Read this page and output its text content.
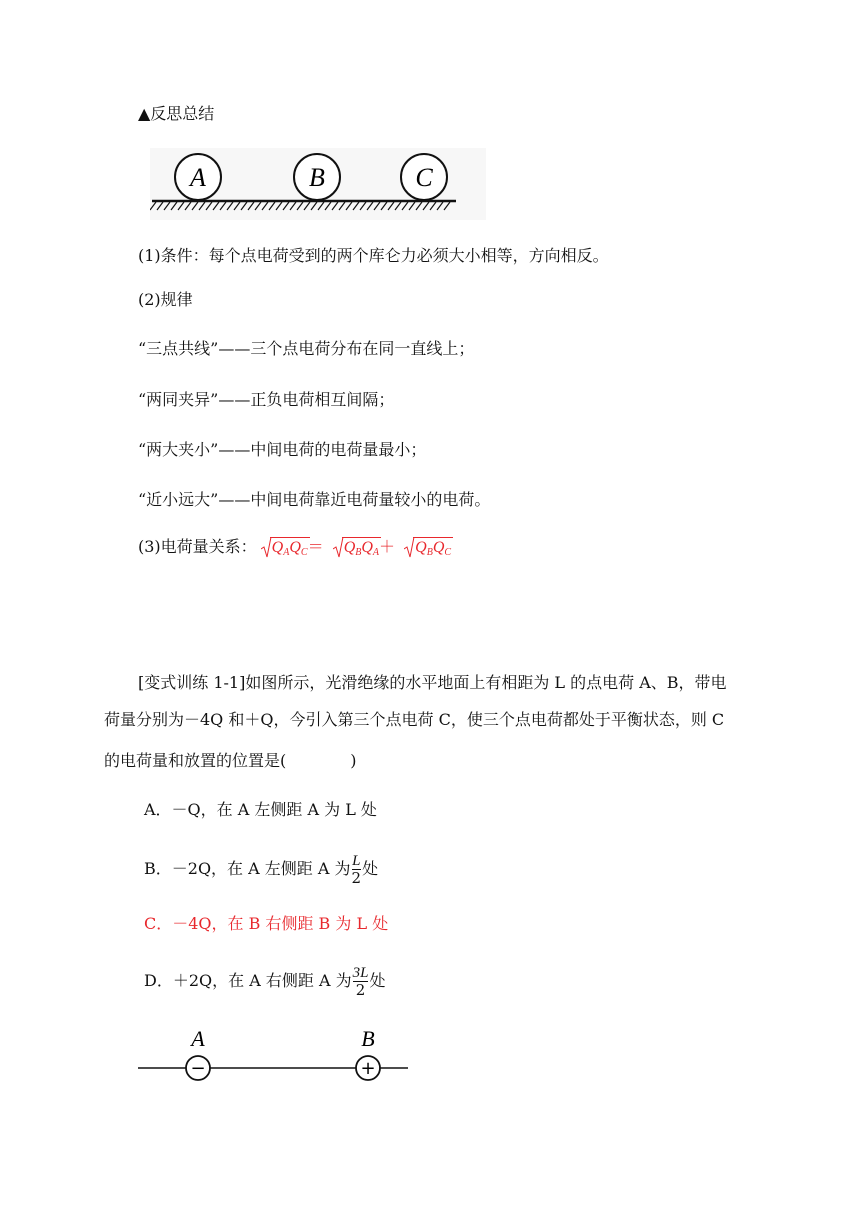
▲反思总结
A	B	C
(1)条件：每个点电荷受到的两个库仑力必须大小相等，方向相反。
(2)规律
“三点共线”——三个点电荷分布在同一直线上；
“两同夹异”——正负电荷相互间隔；
“两大夹小”——中间电荷的电荷量最小；
“近小远大”——中间电荷靠近电荷量较小的电荷。
(3)电荷量关系： $Q_AQ_C= Q_BQ_A+ Q_BQ_C$
[变式训练 1-1]如图所示，光滑绝缘的水平地面上有相距为 L 的点电荷 A、B，带电
荷量分别为－4Q 和＋Q，今引入第三个点电荷 C，使三个点电荷都处于平衡状态，则 C
的电荷量和放置的位置是(　　　　)
A．－Q，在 A 左侧距 A 为 L 处
B．－2Q，在 A 左侧距 A 为 $\frac{L}{2}$ 处
C．－4Q，在 B 右侧距 B 为 L 处
D．＋2Q，在 A 右侧距 A 为 $\frac{3L}{2}$ 处
A	B
−	+
